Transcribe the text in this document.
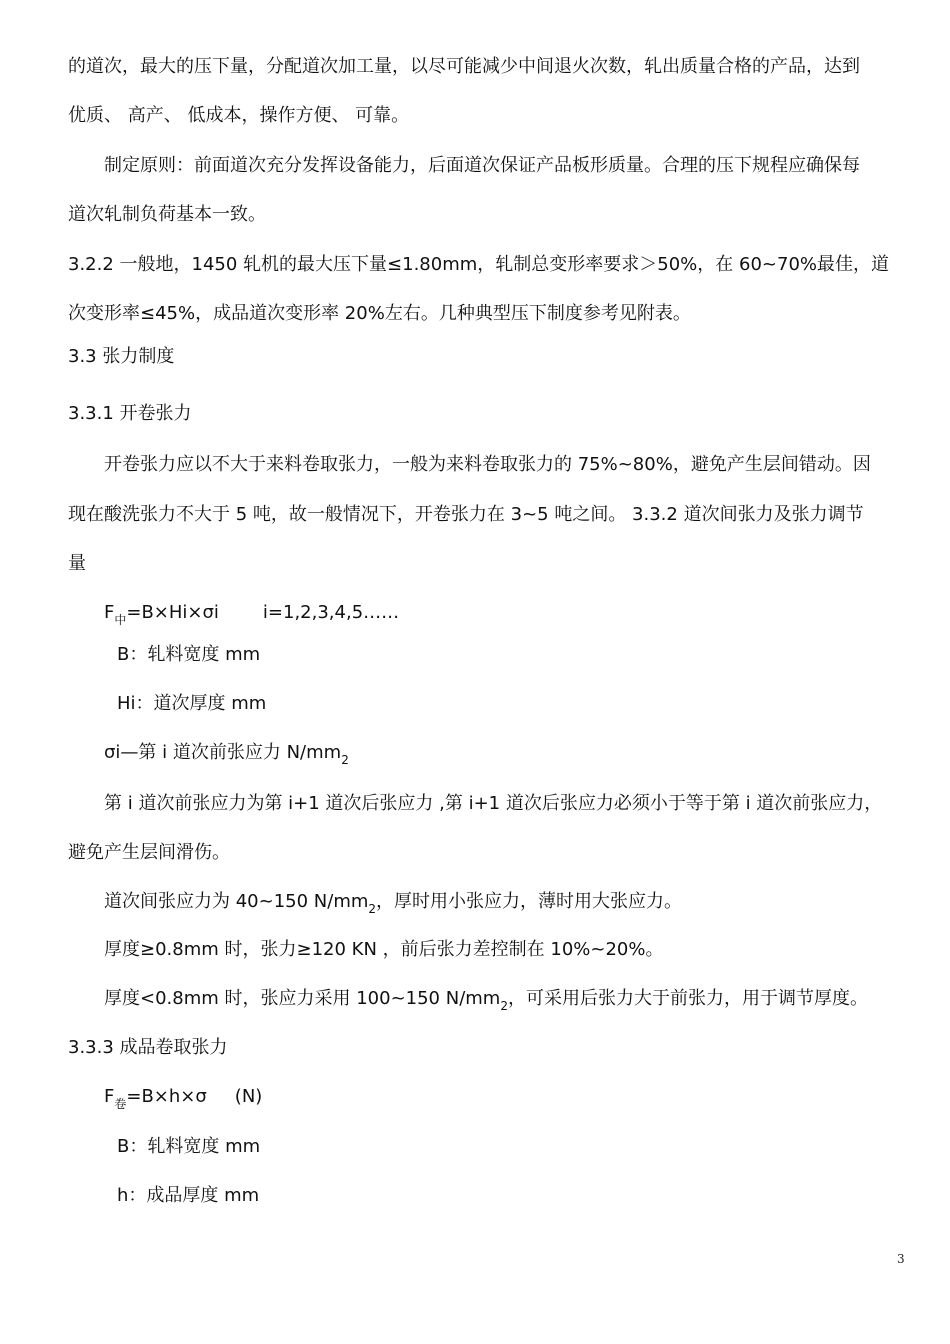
的道次，最大的压下量，分配道次加工量，以尽可能减少中间退火次数，轧出质量合格的产品，达到
优质、 高产、 低成本，操作方便、 可靠。
制定原则：前面道次充分发挥设备能力，后面道次保证产品板形质量。合理的压下规程应确保每
道次轧制负荷基本一致。
3.2.2 一般地，1450 轧机的最大压下量≤1.80mm，轧制总变形率要求＞50%，在 60~70%最佳，道
次变形率≤45%，成品道次变形率 20%左右。几种典型压下制度参考见附表。
3.3 张力制度
3.3.1 开卷张力
开卷张力应以不大于来料卷取张力，一般为来料卷取张力的 75%~80%，避免产生层间错动。因
现在酸洗张力不大于 5 吨，故一般情况下，开卷张力在 3~5 吨之间。 3.3.2 道次间张力及张力调节
量
$F_中=B\times Hi\times\sigma i$ i=1,2,3,4,5……
B：轧料宽度 mm
Hi：道次厚度 mm
σi—第 i 道次前张应力 $N/mm_2$
第 i 道次前张应力为第 i+1 道次后张应力 ,第 i+1 道次后张应力必须小于等于第 i 道次前张应力，
避免产生层间滑伤。
道次间张应力为 40~150 $N/mm_2$，厚时用小张应力，薄时用大张应力。
厚度≥0.8mm 时，张力≥120 KN ，前后张力差控制在 10%~20%。
厚度<0.8mm 时，张应力采用 100~150 $N/mm_2$，可采用后张力大于前张力，用于调节厚度。
3.3.3 成品卷取张力
$F_卷=B\times h\times\sigma$ (N)
B：轧料宽度 mm
h：成品厚度 mm
3
